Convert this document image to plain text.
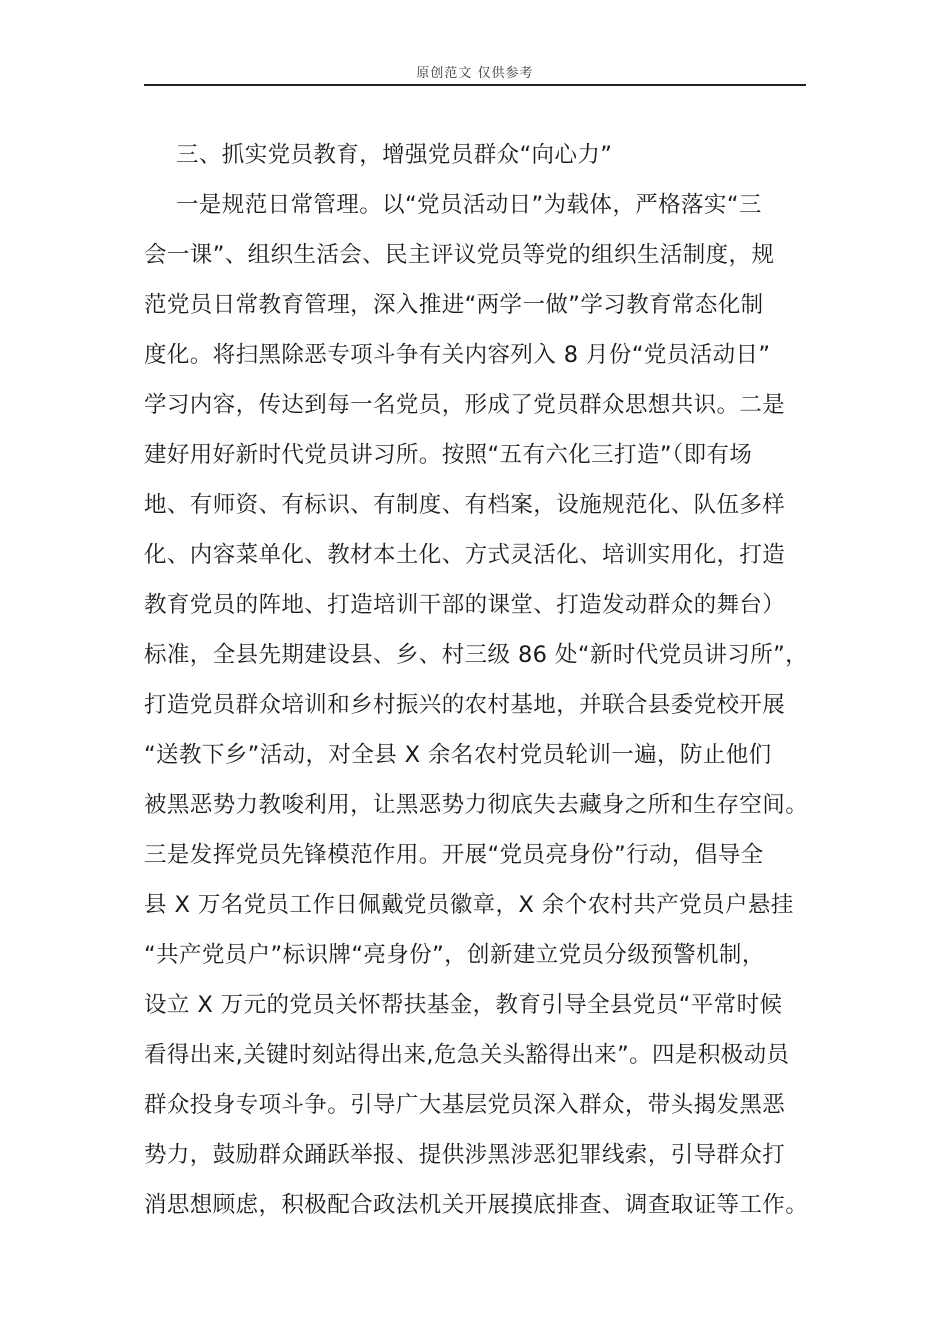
原创范文 仅供参考
三、抓实党员教育，增强党员群众“向心力”
一是规范日常管理。以“党员活动日”为载体，严格落实“三
会一课”、组织生活会、民主评议党员等党的组织生活制度，规
范党员日常教育管理，深入推进“两学一做”学习教育常态化制
度化。将扫黑除恶专项斗争有关内容列入 8 月份“党员活动日”
学习内容，传达到每一名党员，形成了党员群众思想共识。二是
建好用好新时代党员讲习所。按照“五有六化三打造”（即有场
地、有师资、有标识、有制度、有档案，设施规范化、队伍多样
化、内容菜单化、教材本土化、方式灵活化、培训实用化，打造
教育党员的阵地、打造培训干部的课堂、打造发动群众的舞台）
标准，全县先期建设县、乡、村三级 86 处“新时代党员讲习所”，
打造党员群众培训和乡村振兴的农村基地，并联合县委党校开展
“送教下乡”活动，对全县 X 余名农村党员轮训一遍，防止他们
被黑恶势力教唆利用，让黑恶势力彻底失去藏身之所和生存空间。
三是发挥党员先锋模范作用。开展“党员亮身份”行动，倡导全
县 X 万名党员工作日佩戴党员徽章，X 余个农村共产党员户悬挂
“共产党员户”标识牌“亮身份”，创新建立党员分级预警机制，
设立 X 万元的党员关怀帮扶基金，教育引导全县党员“平常时候
看得出来,关键时刻站得出来,危急关头豁得出来”。四是积极动员
群众投身专项斗争。引导广大基层党员深入群众，带头揭发黑恶
势力，鼓励群众踊跃举报、提供涉黑涉恶犯罪线索，引导群众打
消思想顾虑，积极配合政法机关开展摸底排查、调查取证等工作。
